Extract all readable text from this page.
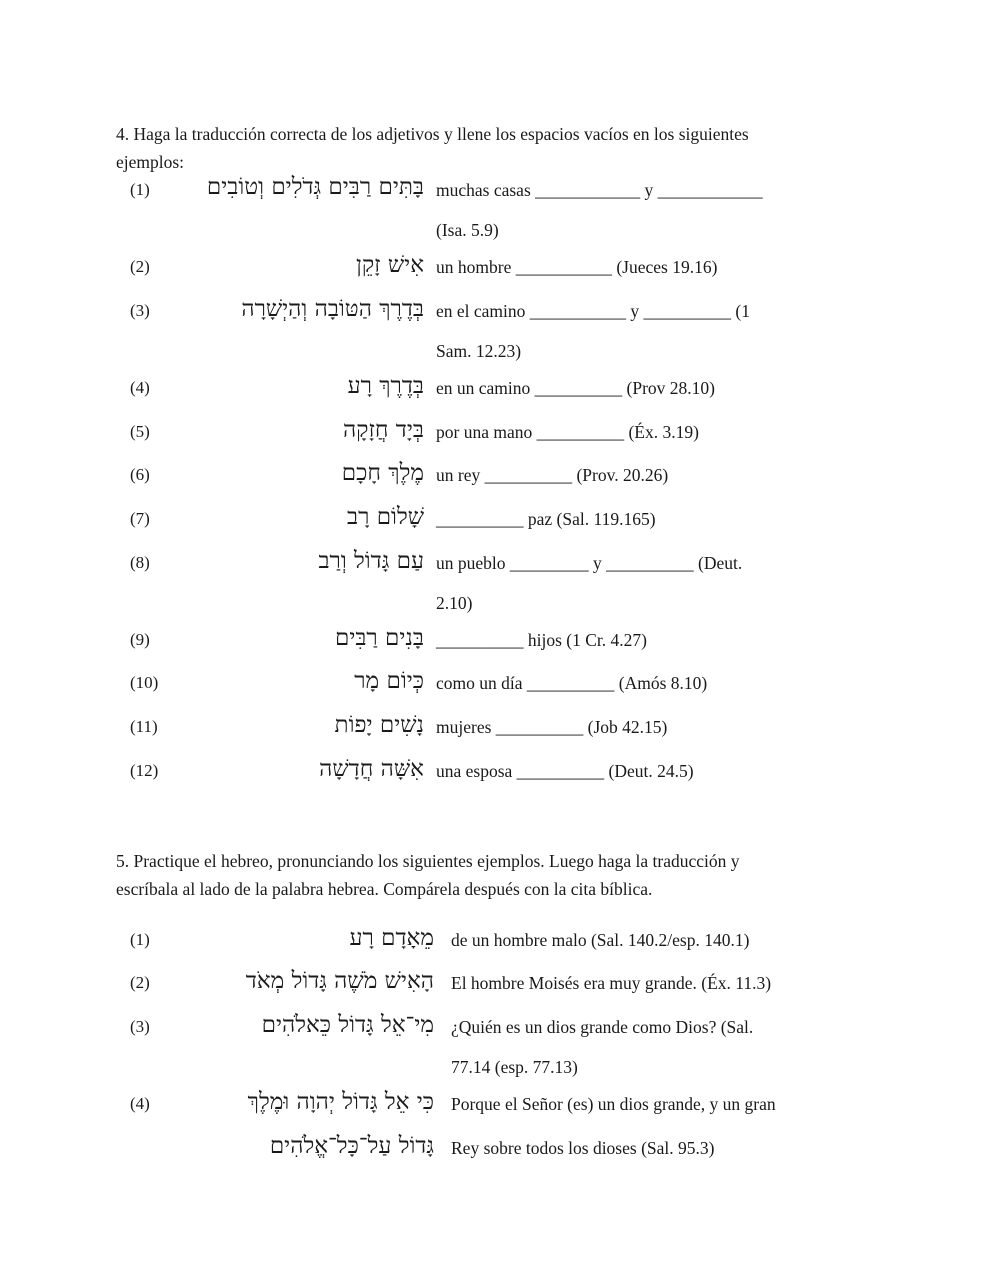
4. Haga la traducción correcta de los adjetivos y llene los espacios vacíos en los siguientes
ejemplos:

(1) בָּתִּים רַבִּים גְּדֹלִים וְטוֹבִים muchas casas ____________ y ____________
(Isa. 5.9)
(2)	אִישׁ זָקֵן un hombre ___________ (Jueces 19.16)
(3)	בְּדֶרֶךְ הַטּוֹבָה וְהַיְשָׁרָה en el camino ___________ y __________ (1
Sam. 12.23)
(4)	בְּדֶרֶךְ רָע en un camino __________ (Prov 28.10)
(5)	בְּיָד חֲזָקָה por una mano __________ (Éx. 3.19)
(6)	מֶלֶךְ חָכָם un rey __________ (Prov. 20.26)
(7)	שָׁלוֹם רָב __________ paz (Sal. 119.165)
(8)	עַם גָּדוֹל וְרַב un pueblo _________ y __________ (Deut.
2.10)
(9)	בָּנִים רַבִּים __________ hijos (1 Cr. 4.27)
(10)	כְּיוֹם מָר como un día __________ (Amós 8.10)
(11)	נָשִׁים יָפוֹת mujeres __________ (Job 42.15)
(12)	אִשָּׁה חֲדָשָׁה una esposa __________ (Deut. 24.5)

5. Practique el hebreo, pronunciando los siguientes ejemplos. Luego haga la traducción y
escríbala al lado de la palabra hebrea. Compárela después con la cita bíblica.

(1)	מֵאָדָם רָע de un hombre malo (Sal. 140.2/esp. 140.1)
(2)	הָאִישׁ מֹשֶׁה גָּדוֹל מְאֹד El hombre Moisés era muy grande. (Éx. 11.3)
(3)	מִי־אֵל גָּדוֹל כֵּאלֹהִים ¿Quién es un dios grande como Dios? (Sal.
77.14 (esp. 77.13)
(4)	כִּי אֵל גָּדוֹל יְהוָה וּמֶלֶךְ Porque el Señor (es) un dios grande, y un gran
גָּדוֹל עַל־כָּל־אֱלֹהִים Rey sobre todos los dioses (Sal. 95.3)
